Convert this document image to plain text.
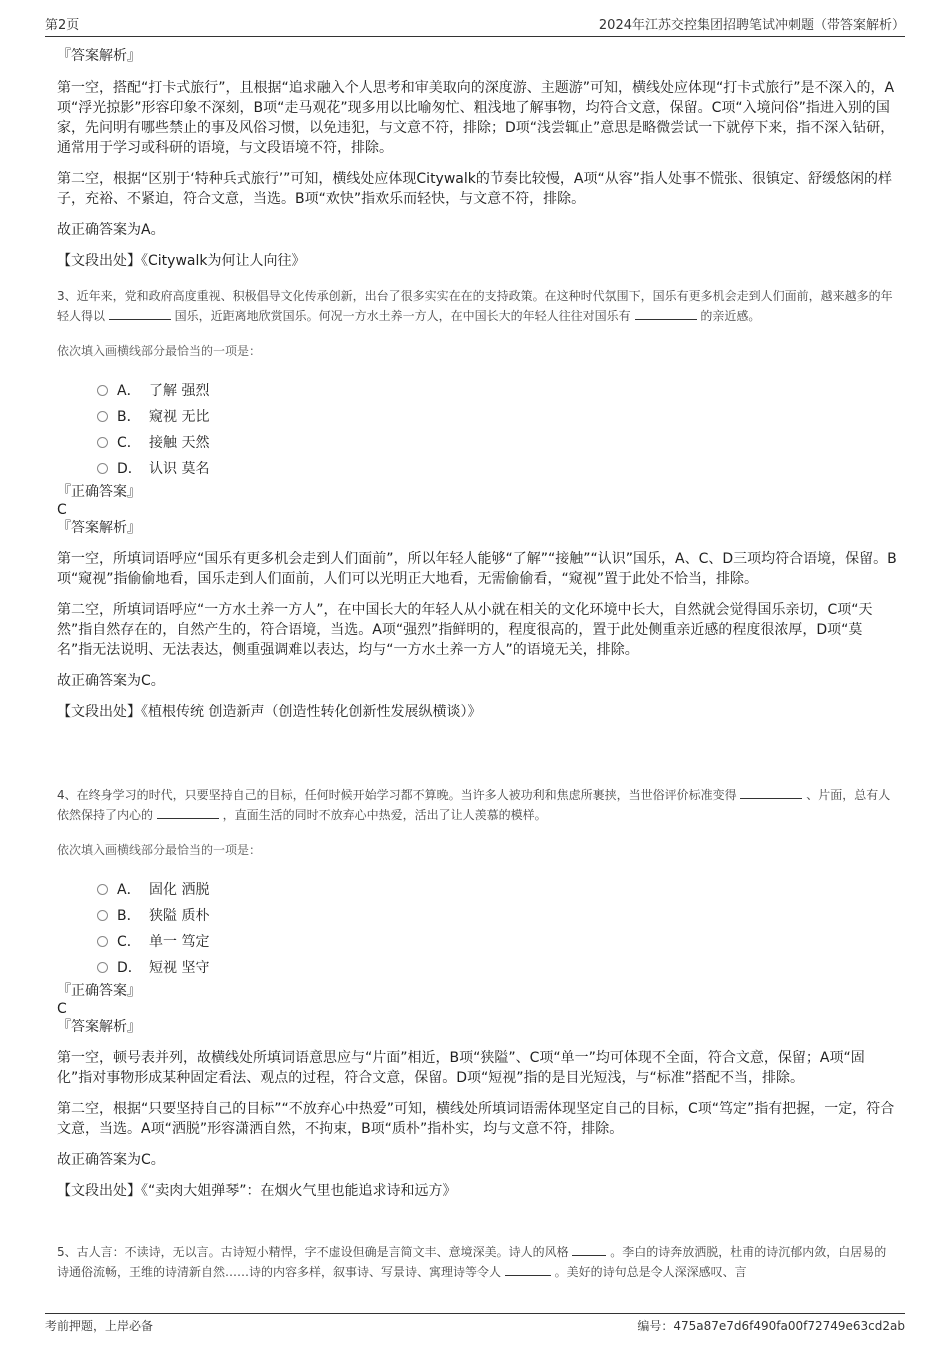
第2页	2024年江苏交控集团招聘笔试冲刺题（带答案解析）

『答案解析』

第一空，搭配“打卡式旅行”，且根据“追求融入个人思考和审美取向的深度游、主题游”可知，横线处应体现“打卡式旅行”是不深入的，A项“浮光掠影”形容印象不深刻，B项“走马观花”现多用以比喻匆忙、粗浅地了解事物，均符合文意，保留。C项“入境问俗”指进入别的国家，先问明有哪些禁止的事及风俗习惯，以免违犯，与文意不符，排除；D项“浅尝辄止”意思是略微尝试一下就停下来，指不深入钻研，通常用于学习或科研的语境，与文段语境不符，排除。

第二空，根据“区别于‘特种兵式旅行’”可知，横线处应体现Citywalk的节奏比较慢，A项“从容”指人处事不慌张、很镇定、舒缓悠闲的样子，充裕、不紧迫，符合文意，当选。B项“欢快”指欢乐而轻快，与文意不符，排除。

故正确答案为A。

【文段出处】《Citywalk为何让人向往》

3、近年来，党和政府高度重视、积极倡导文化传承创新，出台了很多实实在在的支持政策。在这种时代氛围下，国乐有更多机会走到人们面前，越来越多的年轻人得以	国乐，近距离地欣赏国乐。何况一方水土养一方人，在中国长大的年轻人往往对国乐有	的亲近感。

依次填入画横线部分最恰当的一项是：

A． 了解 强烈
B． 窥视 无比
C． 接触 天然
D． 认识 莫名

『正确答案』

C

『答案解析』

第一空，所填词语呼应“国乐有更多机会走到人们面前”，所以年轻人能够“了解”“接触”“认识”国乐，A、C、D三项均符合语境，保留。B项“窥视”指偷偷地看，国乐走到人们面前，人们可以光明正大地看，无需偷偷看，“窥视”置于此处不恰当，排除。

第二空，所填词语呼应“一方水土养一方人”，在中国长大的年轻人从小就在相关的文化环境中长大，自然就会觉得国乐亲切，C项“天然”指自然存在的，自然产生的，符合语境，当选。A项“强烈”指鲜明的，程度很高的，置于此处侧重亲近感的程度很浓厚，D项“莫名”指无法说明、无法表达，侧重强调难以表达，均与“一方水土养一方人”的语境无关，排除。

故正确答案为C。

【文段出处】《植根传统 创造新声（创造性转化创新性发展纵横谈）》

4、在终身学习的时代，只要坚持自己的目标，任何时候开始学习都不算晚。当许多人被功利和焦虑所裹挟，当世俗评价标准变得	、片面，总有人依然保持了内心的	，直面生活的同时不放弃心中热爱，活出了让人羡慕的模样。

依次填入画横线部分最恰当的一项是：

A． 固化 洒脱
B． 狭隘 质朴
C． 单一 笃定
D． 短视 坚守

『正确答案』

C

『答案解析』

第一空，顿号表并列，故横线处所填词语意思应与“片面”相近，B项“狭隘”、C项“单一”均可体现不全面，符合文意，保留；A项“固化”指对事物形成某种固定看法、观点的过程，符合文意，保留。D项“短视”指的是目光短浅，与“标准”搭配不当，排除。

第二空，根据“只要坚持自己的目标”“不放弃心中热爱”可知，横线处所填词语需体现坚定自己的目标，C项“笃定”指有把握，一定，符合文意，当选。A项“洒脱”形容潇洒自然，不拘束，B项“质朴”指朴实，均与文意不符，排除。

故正确答案为C。

【文段出处】《“卖肉大姐弹琴”：在烟火气里也能追求诗和远方》

5、古人言：不读诗，无以言。古诗短小精悍，字不虚设但确是言简文丰、意境深美。诗人的风格	。李白的诗奔放洒脱，杜甫的诗沉郁内敛，白居易的诗通俗流畅，王维的诗清新自然……诗的内容多样，叙事诗、写景诗、寓理诗等令人	。美好的诗句总是令人深深感叹、言

考前押题，上岸必备	编号：475a87e7d6f490fa00f72749e63cd2ab
